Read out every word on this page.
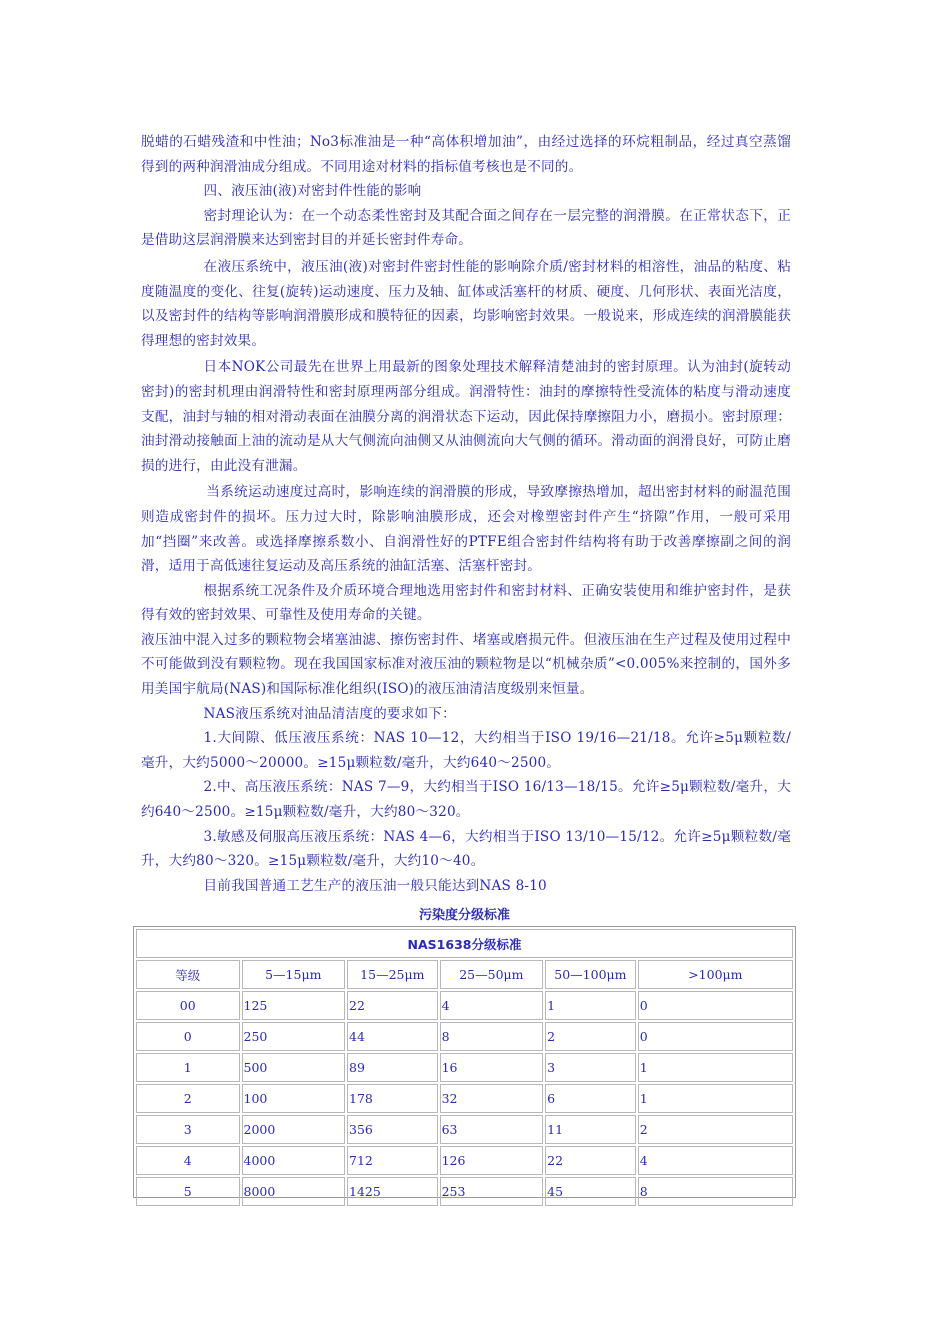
脱蜡的石蜡残渣和中性油；No3标准油是一种“高体积增加油”，由经过选择的环烷粗制品，经过真空蒸馏得到的两种润滑油成分组成。不同用途对材料的指标值考核也是不同的。

四、液压油(液)对密封件性能的影响

密封理论认为：在一个动态柔性密封及其配合面之间存在一层完整的润滑膜。在正常状态下，正是借助这层润滑膜来达到密封目的并延长密封件寿命。

在液压系统中，液压油(液)对密封件密封性能的影响除介质/密封材料的相溶性，油品的粘度、粘度随温度的变化、往复(旋转)运动速度、压力及轴、缸体或活塞杆的材质、硬度、几何形状、表面光洁度，以及密封件的结构等影响润滑膜形成和膜特征的因素，均影响密封效果。一般说来，形成连续的润滑膜能获得理想的密封效果。

日本NOK公司最先在世界上用最新的图象处理技术解释清楚油封的密封原理。认为油封(旋转动密封)的密封机理由润滑特性和密封原理两部分组成。润滑特性：油封的摩擦特性受流体的粘度与滑动速度支配，油封与轴的相对滑动表面在油膜分离的润滑状态下运动，因此保持摩擦阻力小，磨损小。密封原理：油封滑动接触面上油的流动是从大气侧流向油侧又从油侧流向大气侧的循环。滑动面的润滑良好，可防止磨损的进行，由此没有泄漏。

当系统运动速度过高时，影响连续的润滑膜的形成，导致摩擦热增加，超出密封材料的耐温范围则造成密封件的损坏。压力过大时，除影响油膜形成，还会对橡塑密封件产生“挤隙”作用，一般可采用加“挡圈”来改善。或选择摩擦系数小、自润滑性好的PTFE组合密封件结构将有助于改善摩擦副之间的润滑，适用于高低速往复运动及高压系统的油缸活塞、活塞杆密封。

根据系统工况条件及介质环境合理地选用密封件和密封材料、正确安装使用和维护密封件，是获得有效的密封效果、可靠性及使用寿命的关键。

液压油中混入过多的颗粒物会堵塞油滤、擦伤密封件、堵塞或磨损元件。但液压油在生产过程及使用过程中不可能做到没有颗粒物。现在我国国家标准对液压油的颗粒物是以“机械杂质”<0.005%来控制的，国外多用美国宇航局(NAS)和国际标准化组织(ISO)的液压油清洁度级别来恒量。

NAS液压系统对油品清洁度的要求如下：

1.大间隙、低压液压系统：NAS 10—12，大约相当于ISO 19/16—21/18。允许≥5μ颗粒数/毫升，大约5000～20000。≥15μ颗粒数/毫升，大约640～2500。

2.中、高压液压系统：NAS 7—9，大约相当于ISO 16/13—18/15。允许≥5μ颗粒数/毫升，大约640～2500。≥15μ颗粒数/毫升，大约80～320。

3.敏感及伺服高压液压系统：NAS 4—6，大约相当于ISO 13/10—15/12。允许≥5μ颗粒数/毫升，大约80～320。≥15μ颗粒数/毫升，大约10～40。

目前我国普通工艺生产的液压油一般只能达到NAS 8-10

污染度分级标准
NAS1638分级标准					
等级	5—15μm	15—25μm	25—50μm	50—100μm	>100μm
00	125	22	4	1	0
0	250	44	8	2	0
1	500	89	16	3	1
2	100	178	32	6	1
3	2000	356	63	11	2
4	4000	712	126	22	4
5	8000	1425	253	45	8
